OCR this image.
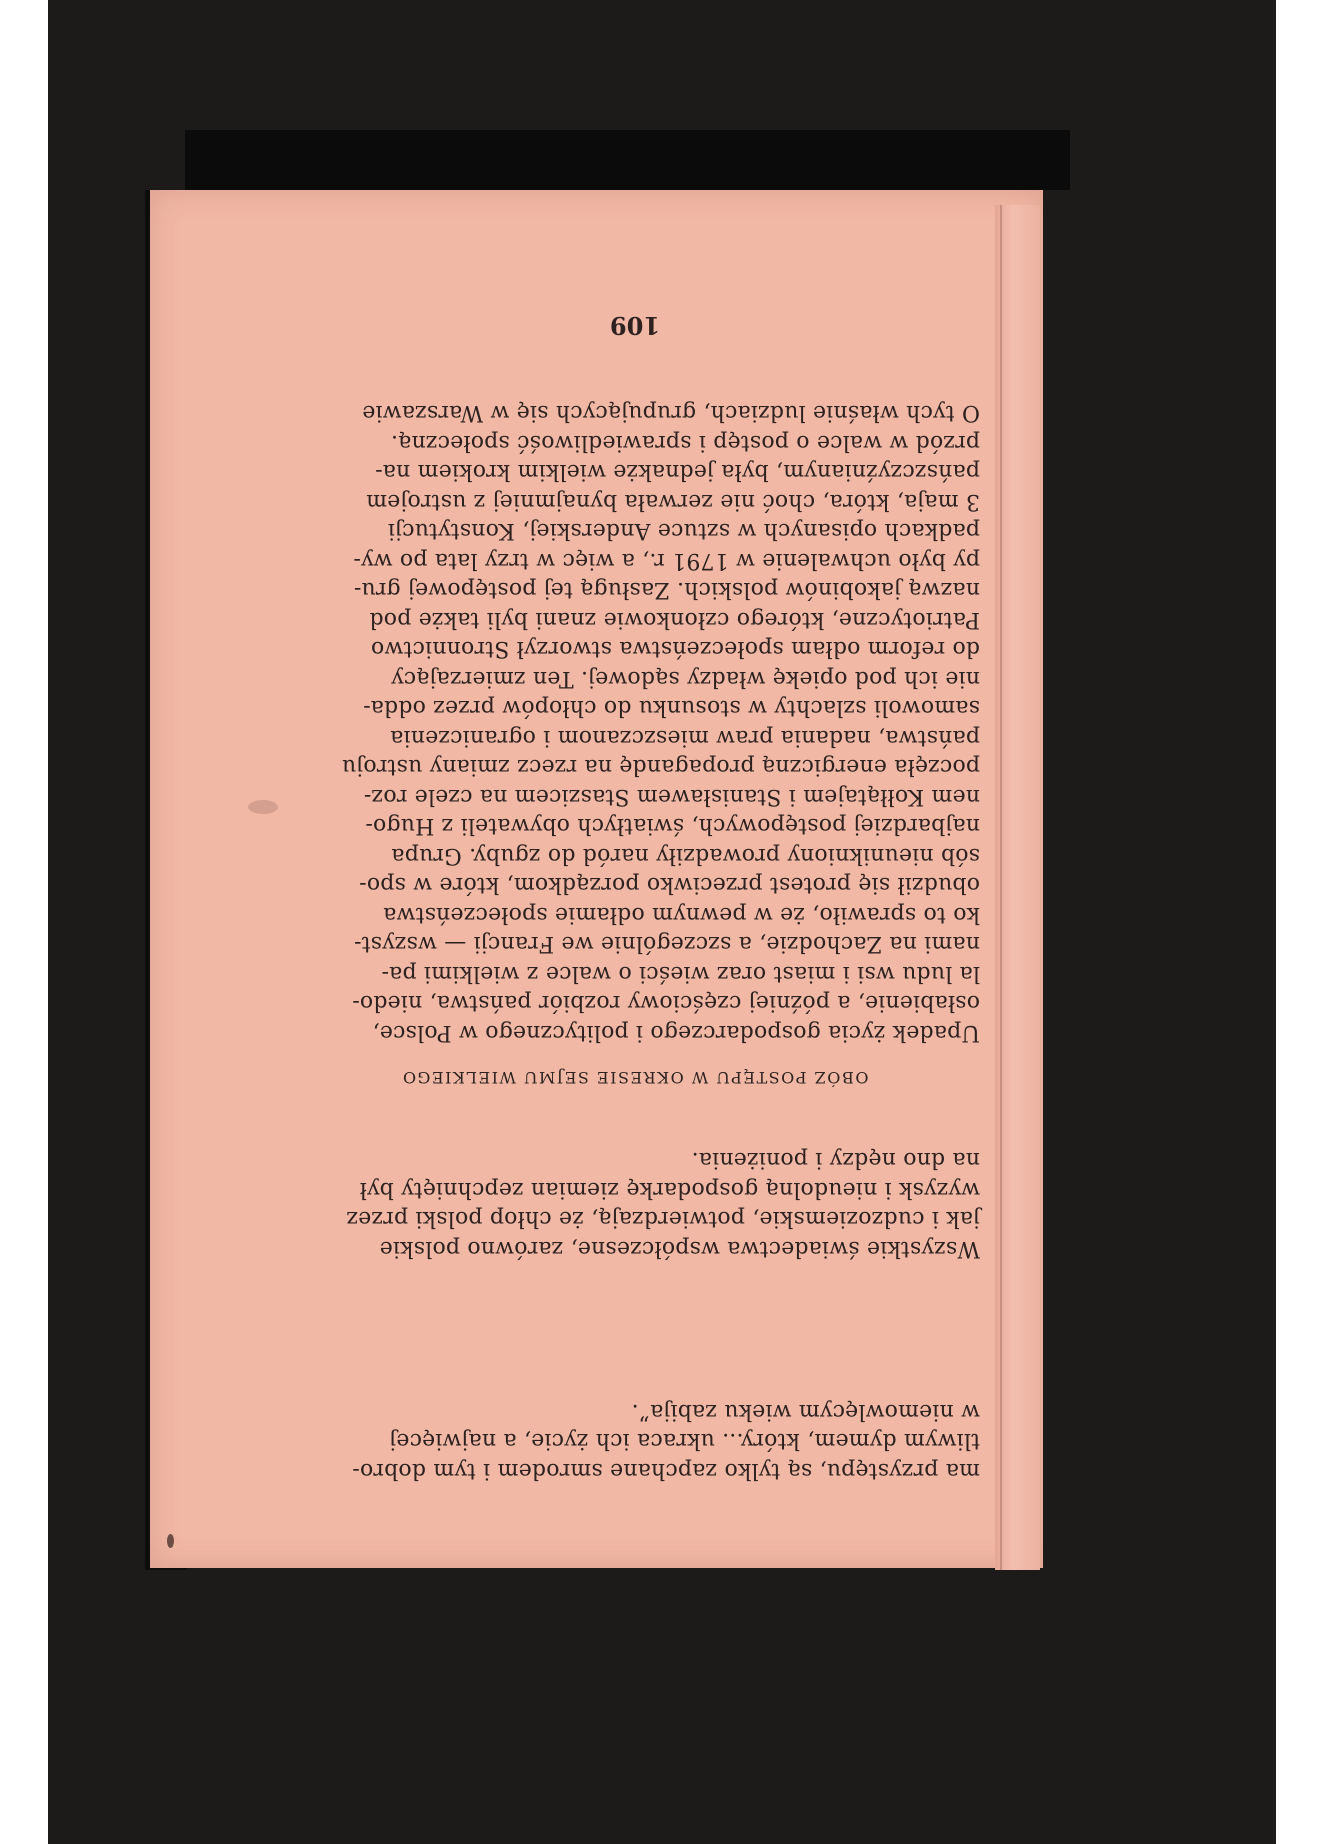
ma przystępu, są tylko zapchane smrodem i tym dobro-
tliwym dymem, który... ukraca ich życie, a najwięcej
w niemowlęcym wieku zabija”.

Wszystkie świadectwa współczesne, zarówno polskie
jak i cudzoziemskie, potwierdzają, że chłop polski przez
wyzysk i nieudolną gospodarkę ziemian zepchnięty był
na dno nędzy i poniżenia.

OBÓZ POSTĘPU W OKRESIE SEJMU WIELKIEGO

Upadek życia gospodarczego i politycznego w Polsce,
osłabienie, a później częściowy rozbiór państwa, niedo-
la ludu wsi i miast oraz wieści o walce z wielkimi pa-
nami na Zachodzie, a szczególnie we Francji — wszyst-
ko to sprawiło, że w pewnym odłamie społeczeństwa
obudził się protest przeciwko porządkom, które w spo-
sób nieunikniony prowadziły naród do zguby. Grupa
najbardziej postępowych, światłych obywateli z Hugo-
nem Kołłątajem i Stanisławem Staszicem na czele roz-
poczęła energiczną propagandę na rzecz zmiany ustroju
państwa, nadania praw mieszczanom i ograniczenia
samowoli szlachty w stosunku do chłopów przez odda-
nie ich pod opiekę władzy sądowej. Ten zmierzający
do reform odłam społeczeństwa stworzył Stronnictwo
Patriotyczne, którego członkowie znani byli także pod
nazwą jakobinów polskich. Zasługą tej postępowej gru-
py było uchwalenie w 1791 r., a więc w trzy lata po wy-
padkach opisanych w sztuce Anderskiej, Konstytucji
3 maja, która, choć nie zerwała bynajmniej z ustrojem
pańszczyźnianym, była jednakże wielkim krokiem na-
przód w walce o postęp i sprawiedliwość społeczną.
O tych właśnie ludziach, grupujących się w Warszawie

109
